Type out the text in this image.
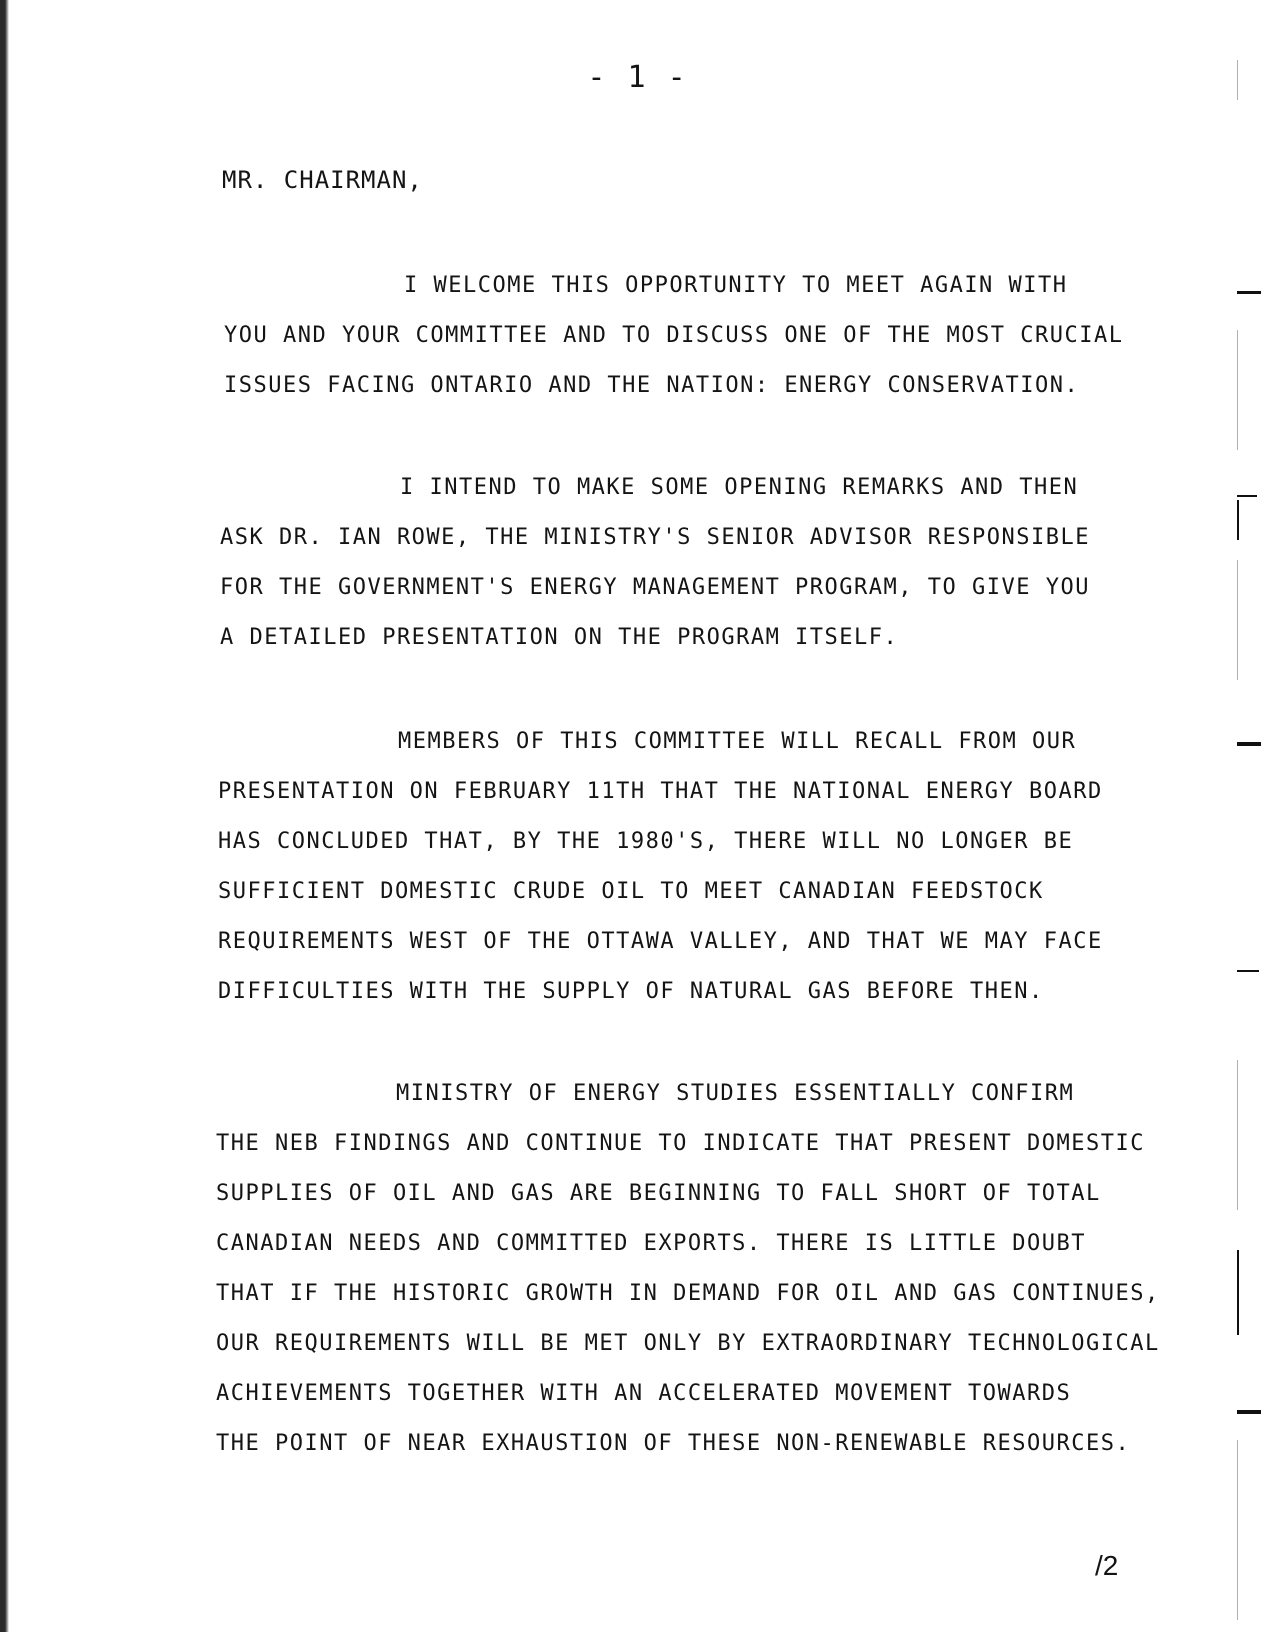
- 1 -
MR. CHAIRMAN,
I WELCOME THIS OPPORTUNITY TO MEET AGAIN WITH
YOU AND YOUR COMMITTEE AND TO DISCUSS ONE OF THE MOST CRUCIAL
ISSUES FACING ONTARIO AND THE NATION: ENERGY CONSERVATION.
I INTEND TO MAKE SOME OPENING REMARKS AND THEN
ASK DR. IAN ROWE, THE MINISTRY'S SENIOR ADVISOR RESPONSIBLE
FOR THE GOVERNMENT'S ENERGY MANAGEMENT PROGRAM, TO GIVE YOU
A DETAILED PRESENTATION ON THE PROGRAM ITSELF.
MEMBERS OF THIS COMMITTEE WILL RECALL FROM OUR
PRESENTATION ON FEBRUARY 11TH THAT THE NATIONAL ENERGY BOARD
HAS CONCLUDED THAT, BY THE 1980'S, THERE WILL NO LONGER BE
SUFFICIENT DOMESTIC CRUDE OIL TO MEET CANADIAN FEEDSTOCK
REQUIREMENTS WEST OF THE OTTAWA VALLEY, AND THAT WE MAY FACE
DIFFICULTIES WITH THE SUPPLY OF NATURAL GAS BEFORE THEN.
MINISTRY OF ENERGY STUDIES ESSENTIALLY CONFIRM
THE NEB FINDINGS AND CONTINUE TO INDICATE THAT PRESENT DOMESTIC
SUPPLIES OF OIL AND GAS ARE BEGINNING TO FALL SHORT OF TOTAL
CANADIAN NEEDS AND COMMITTED EXPORTS. THERE IS LITTLE DOUBT
THAT IF THE HISTORIC GROWTH IN DEMAND FOR OIL AND GAS CONTINUES,
OUR REQUIREMENTS WILL BE MET ONLY BY EXTRAORDINARY TECHNOLOGICAL
ACHIEVEMENTS TOGETHER WITH AN ACCELERATED MOVEMENT TOWARDS
THE POINT OF NEAR EXHAUSTION OF THESE NON-RENEWABLE RESOURCES.
/2
